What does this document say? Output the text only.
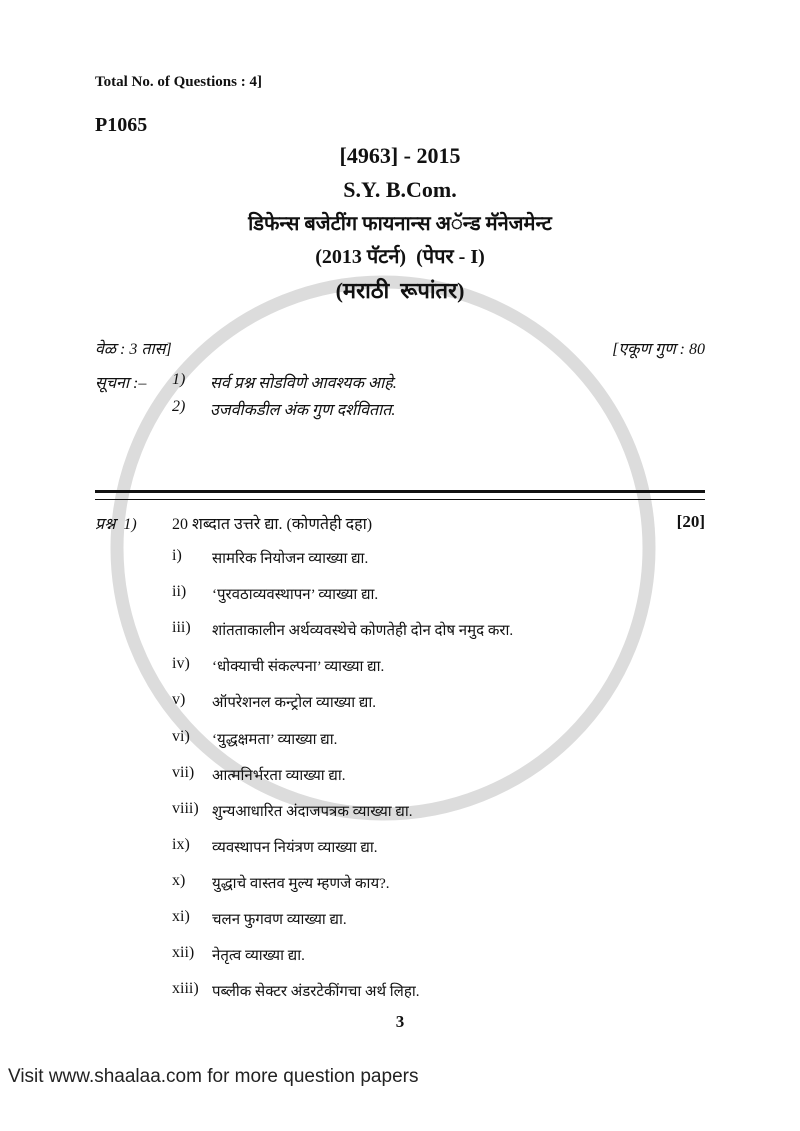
Total No. of Questions : 4]
P1065
[4963] - 2015
S.Y. B.Com.
डिफेन्स बजेटींग फायनान्स अॅन्ड मॅनेजमेन्ट
(2013 पॅटर्न)  (पेपर - I)
(मराठी  रूपांतर)
वेळ : 3 तास]	[एकूण गुण : 80
सूचना :– 1) सर्व प्रश्न सोडविणे आवश्यक आहे.
2) उजवीकडील अंक गुण दर्शवितात.
प्रश्न  1) 20 शब्दात उत्तरे द्या. (कोणतेही दहा)	[20]
i) सामरिक नियोजन व्याख्या द्या.
ii) ‘पुरवठाव्यवस्थापन’ व्याख्या द्या.
iii) शांतताकालीन अर्थव्यवस्थेचे कोणतेही दोन दोष नमुद करा.
iv) ‘धोक्याची संकल्पना’ व्याख्या द्या.
v) ऑपरेशनल कन्ट्रोल व्याख्या द्या.
vi) ‘युद्धक्षमता’ व्याख्या द्या.
vii) आत्मनिर्भरता व्याख्या द्या.
viii) शुन्यआधारित अंदाजपत्रक व्याख्या द्या.
ix) व्यवस्थापन नियंत्रण व्याख्या द्या.
x) युद्धाचे वास्तव मुल्य म्हणजे काय?.
xi) चलन फुगवण व्याख्या द्या.
xii) नेतृत्व व्याख्या द्या.
xiii) पब्लीक सेक्टर अंडरटेकींगचा अर्थ लिहा.
3
Visit www.shaalaa.com for more question papers
